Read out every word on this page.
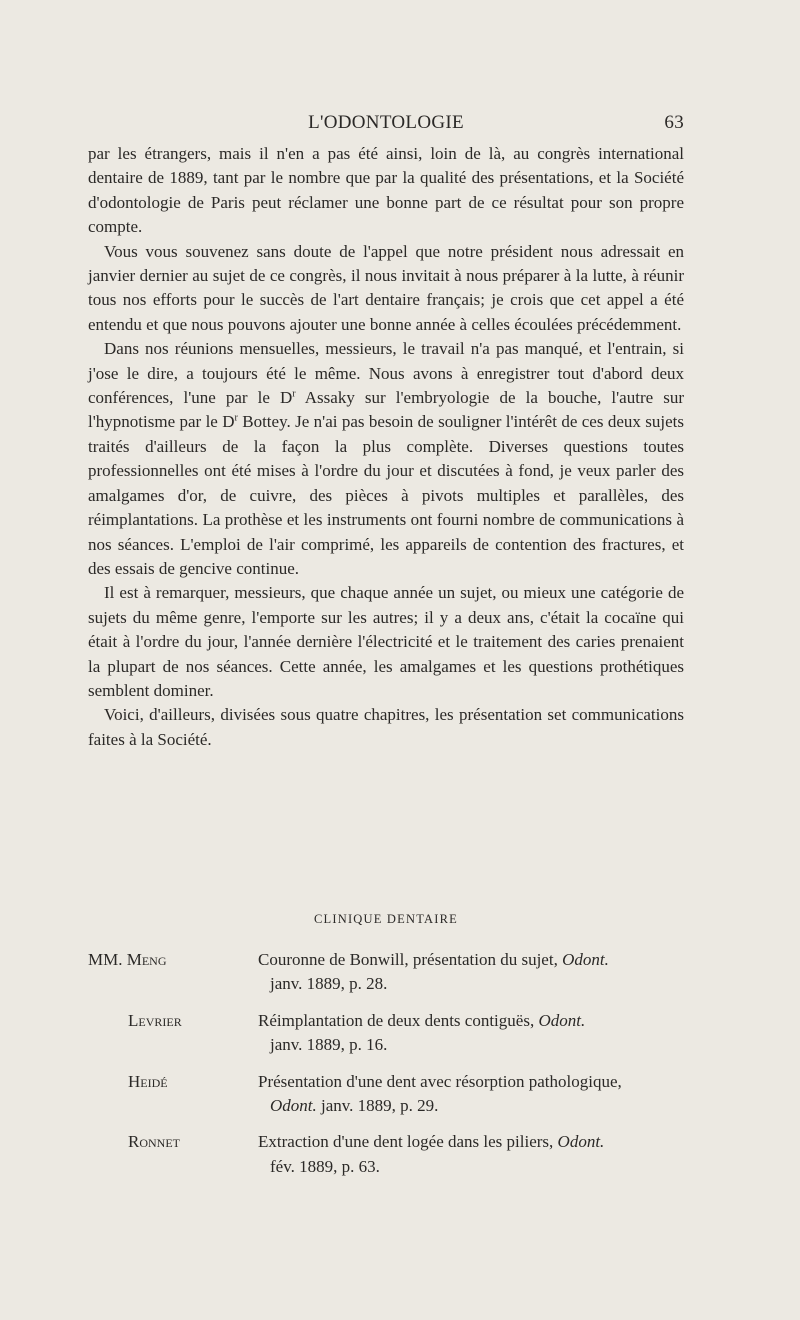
L'ODONTOLOGIE	63

par les étrangers, mais il n'en a pas été ainsi, loin de là, au congrès international dentaire de 1889, tant par le nombre que par la qualité des présentations, et la Société d'odontologie de Paris peut réclamer une bonne part de ce résultat pour son propre compte.

Vous vous souvenez sans doute de l'appel que notre président nous adressait en janvier dernier au sujet de ce congrès, il nous invitait à nous préparer à la lutte, à réunir tous nos efforts pour le succès de l'art dentaire français; je crois que cet appel a été entendu et que nous pouvons ajouter une bonne année à celles écoulées précédemment.

Dans nos réunions mensuelles, messieurs, le travail n'a pas manqué, et l'entrain, si j'ose le dire, a toujours été le même. Nous avons à enregistrer tout d'abord deux conférences, l'une par le $D^r$ Assaky sur l'embryologie de la bouche, l'autre sur l'hypnotisme par le $D^r$ Bottey. Je n'ai pas besoin de souligner l'intérêt de ces deux sujets traités d'ailleurs de la façon la plus complète. Diverses questions toutes professionnelles ont été mises à l'ordre du jour et discutées à fond, je veux parler des amalgames d'or, de cuivre, des pièces à pivots multiples et parallèles, des réimplantations. La prothèse et les instruments ont fourni nombre de communications à nos séances. L'emploi de l'air comprimé, les appareils de contention des fractures, et des essais de gencive continue.

Il est à remarquer, messieurs, que chaque année un sujet, ou mieux une catégorie de sujets du même genre, l'emporte sur les autres; il y a deux ans, c'était la cocaïne qui était à l'ordre du jour, l'année dernière l'électricité et le traitement des caries prenaient la plupart de nos séances. Cette année, les amalgames et les questions prothétiques semblent dominer.

Voici, d'ailleurs, divisées sous quatre chapitres, les présentation set communications faites à la Société.

CLINIQUE DENTAIRE
MM. Meng	Couronne de Bonwill, présentation du sujet, Odont.
janv. 1889, p. 28.
Levrier	Réimplantation de deux dents contiguës, Odont.
janv. 1889, p. 16.
Heidé	Présentation d'une dent avec résorption pathologique,
Odont. janv. 1889, p. 29.
Ronnet	Extraction d'une dent logée dans les piliers, Odont.
fév. 1889, p. 63.
